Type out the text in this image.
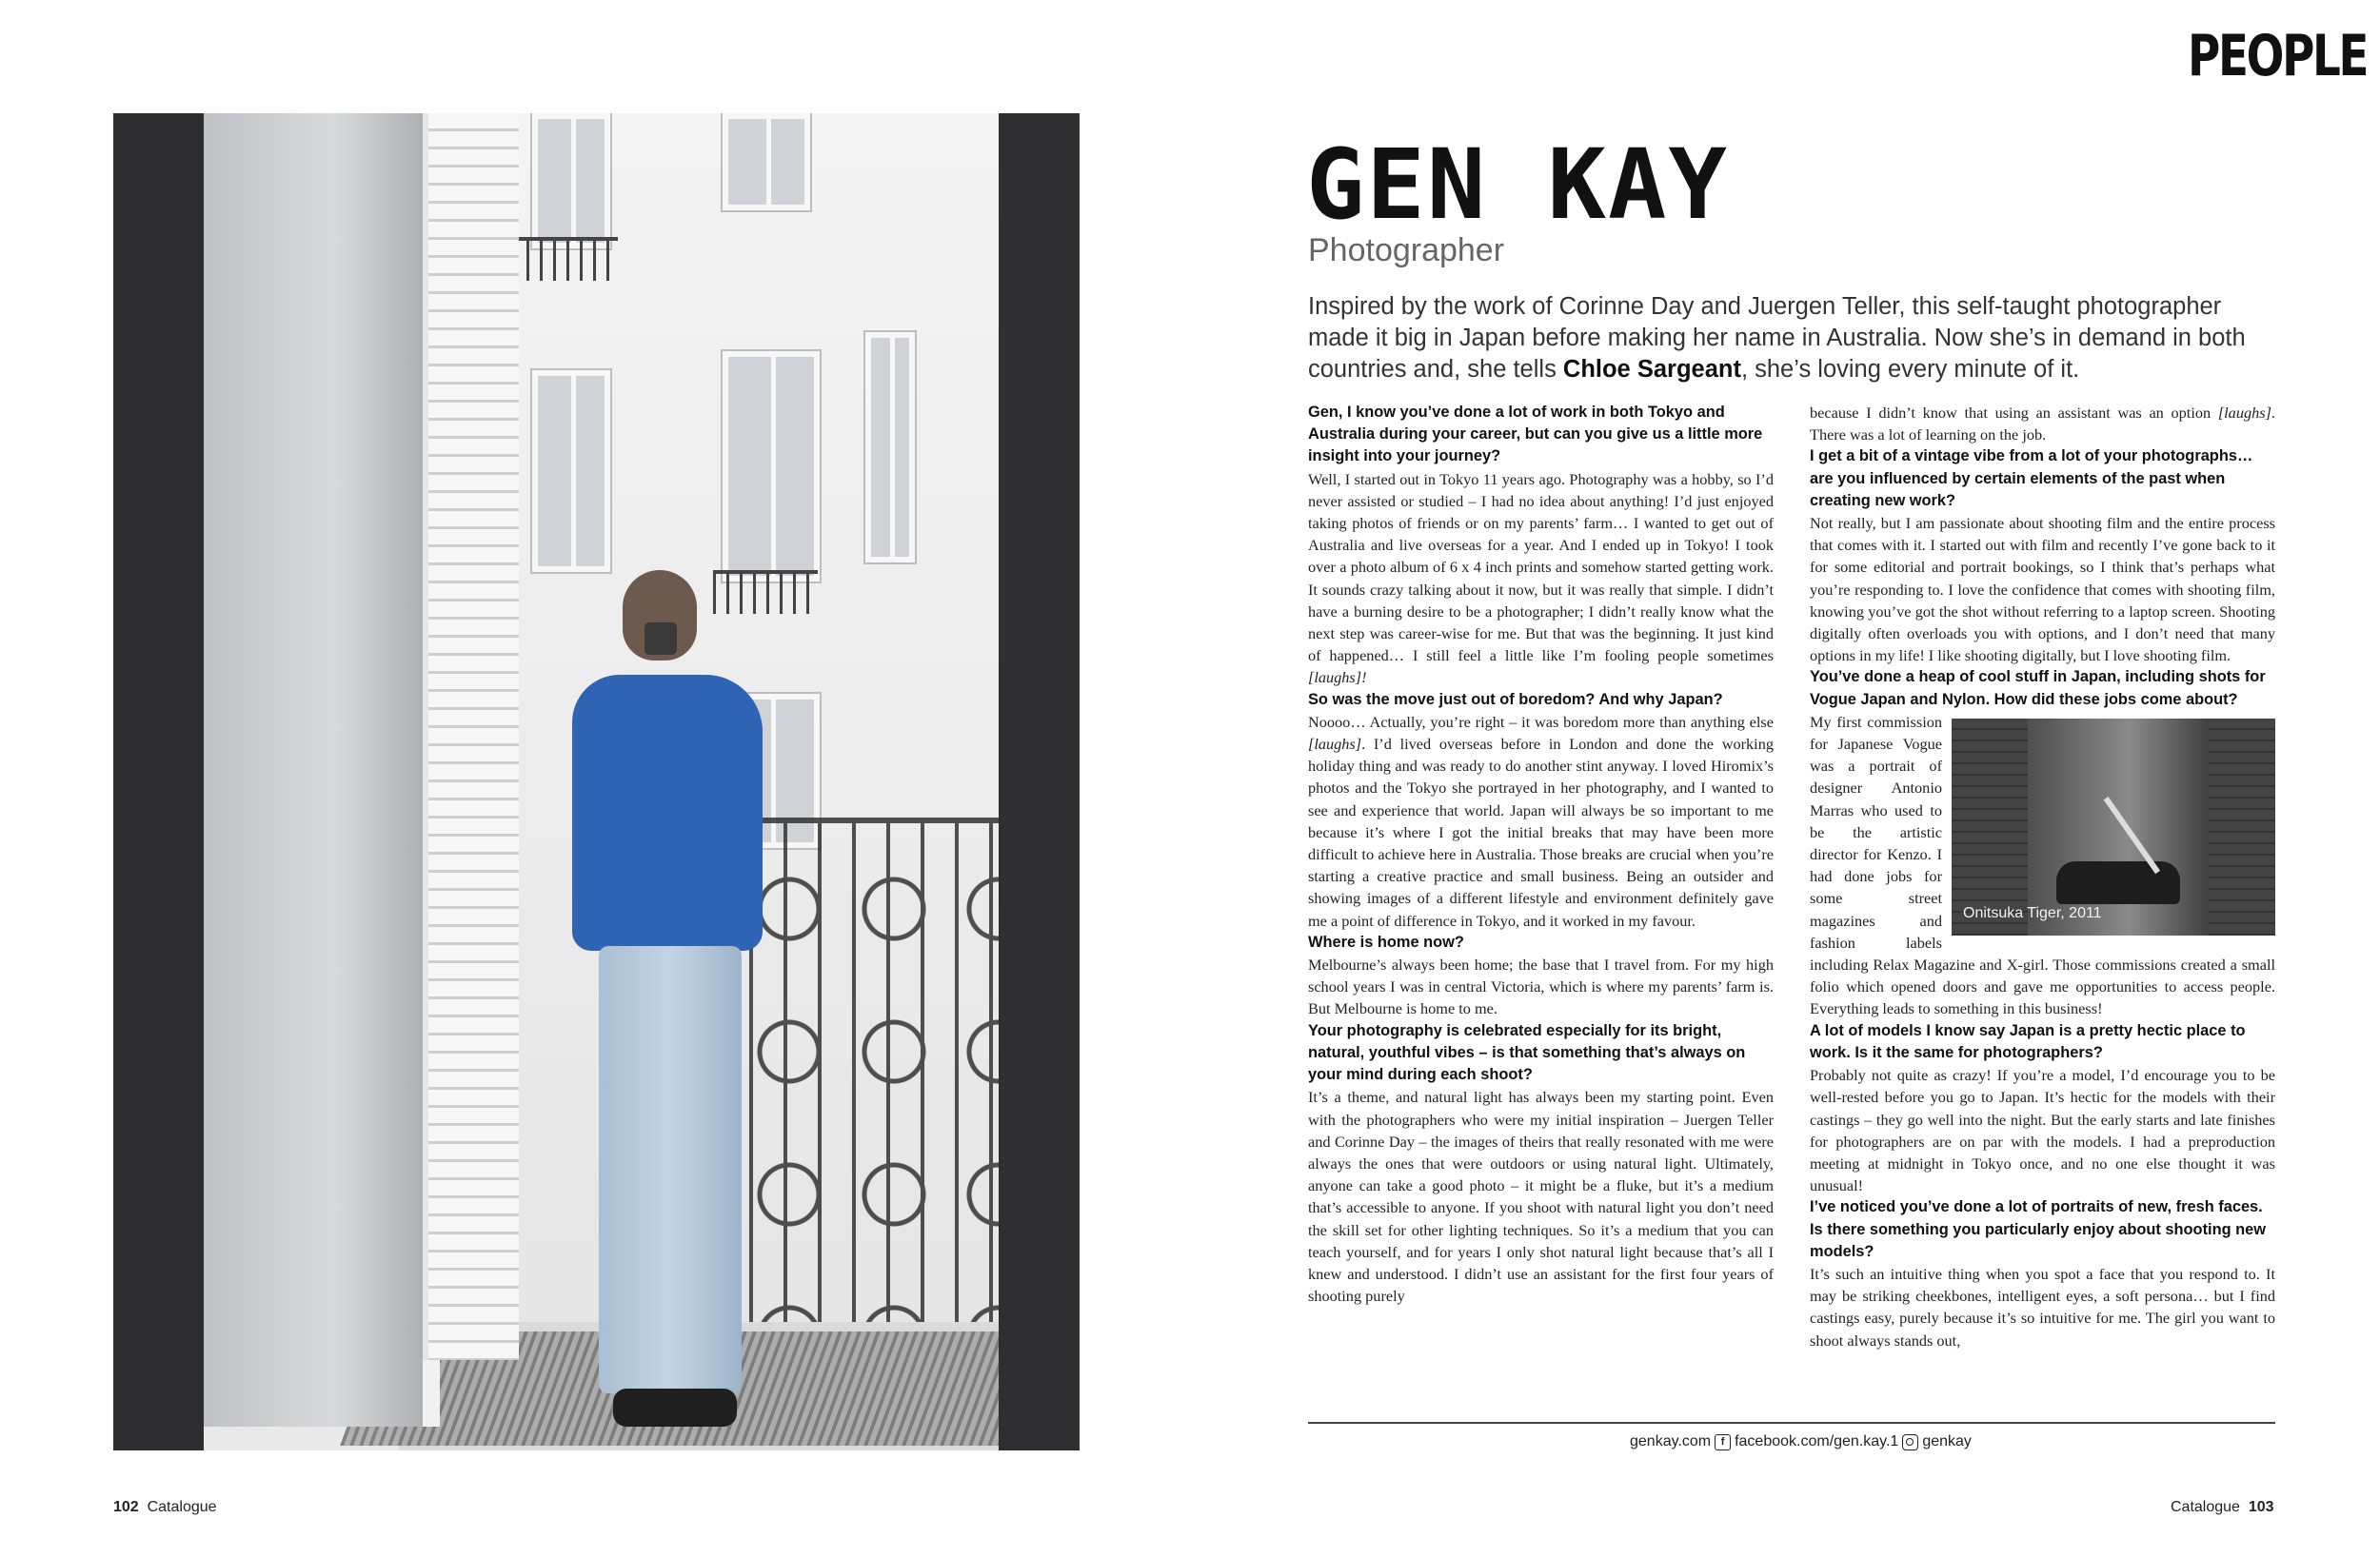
102 Catalogue
PEOPLE
GEN KAY
Photographer

Inspired by the work of Corinne Day and Juergen Teller, this self-taught photographer made it big in Japan before making her name in Australia. Now she’s in demand in both countries and, she tells Chloe Sargeant, she’s loving every minute of it.

Gen, I know you’ve done a lot of work in both Tokyo and Australia during your career, but can you give us a little more insight into your journey?

Well, I started out in Tokyo 11 years ago. Photography was a hobby, so I’d never assisted or studied – I had no idea about anything! I’d just enjoyed taking photos of friends or on my parents’ farm… I wanted to get out of Australia and live overseas for a year. And I ended up in Tokyo! I took over a photo album of 6 x 4 inch prints and somehow started getting work. It sounds crazy talking about it now, but it was really that simple. I didn’t have a burning desire to be a photographer; I didn’t really know what the next step was career-wise for me. But that was the beginning. It just kind of happened… I still feel a little like I’m fooling people sometimes [laughs]!

So was the move just out of boredom? And why Japan?

Noooo… Actually, you’re right – it was boredom more than anything else [laughs]. I’d lived overseas before in London and done the working holiday thing and was ready to do another stint anyway. I loved Hiromix’s photos and the Tokyo she portrayed in her photography, and I wanted to see and experience that world. Japan will always be so important to me because it’s where I got the initial breaks that may have been more difficult to achieve here in Australia. Those breaks are crucial when you’re starting a creative practice and small business. Being an outsider and showing images of a different lifestyle and environment definitely gave me a point of difference in Tokyo, and it worked in my favour.

Where is home now?

Melbourne’s always been home; the base that I travel from. For my high school years I was in central Victoria, which is where my parents’ farm is. But Melbourne is home to me.

Your photography is celebrated especially for its bright, natural, youthful vibes – is that something that’s always on your mind during each shoot?

It’s a theme, and natural light has always been my starting point. Even with the photographers who were my initial inspiration – Juergen Teller and Corinne Day – the images of theirs that really resonated with me were always the ones that were outdoors or using natural light. Ultimately, anyone can take a good photo – it might be a fluke, but it’s a medium that’s accessible to anyone. If you shoot with natural light you don’t need the skill set for other lighting techniques. So it’s a medium that you can teach yourself, and for years I only shot natural light because that’s all I knew and understood. I didn’t use an assistant for the first four years of shooting purely

because I didn’t know that using an assistant was an option [laughs]. There was a lot of learning on the job.

I get a bit of a vintage vibe from a lot of your photographs… are you influenced by certain elements of the past when creating new work?

Not really, but I am passionate about shooting film and the entire process that comes with it. I started out with film and recently I’ve gone back to it for some editorial and portrait bookings, so I think that’s perhaps what you’re responding to. I love the confidence that comes with shooting film, knowing you’ve got the shot without referring to a laptop screen. Shooting digitally often overloads you with options, and I don’t need that many options in my life! I like shooting digitally, but I love shooting film.

You’ve done a heap of cool stuff in Japan, including shots for Vogue Japan and Nylon. How did these jobs come about?

Onitsuka Tiger, 2011

My first commission for Japanese Vogue was a portrait of designer Antonio Marras who used to be the artistic director for Kenzo. I had done jobs for some street magazines and fashion labels including Relax Magazine and X-girl. Those commissions created a small folio which opened doors and gave me opportunities to access people. Everything leads to something in this business!

A lot of models I know say Japan is a pretty hectic place to work. Is it the same for photographers?

Probably not quite as crazy! If you’re a model, I’d encourage you to be well-rested before you go to Japan. It’s hectic for the models with their castings – they go well into the night. But the early starts and late finishes for photographers are on par with the models. I had a preproduction meeting at midnight in Tokyo once, and no one else thought it was unusual!

I’ve noticed you’ve done a lot of portraits of new, fresh faces. Is there something you particularly enjoy about shooting new models?

It’s such an intuitive thing when you spot a face that you respond to. It may be striking cheekbones, intelligent eyes, a soft persona… but I find castings easy, purely because it’s so intuitive for me. The girl you want to shoot always stands out,

genkay.com f facebook.com/gen.kay.1 genkay
Catalogue 103
